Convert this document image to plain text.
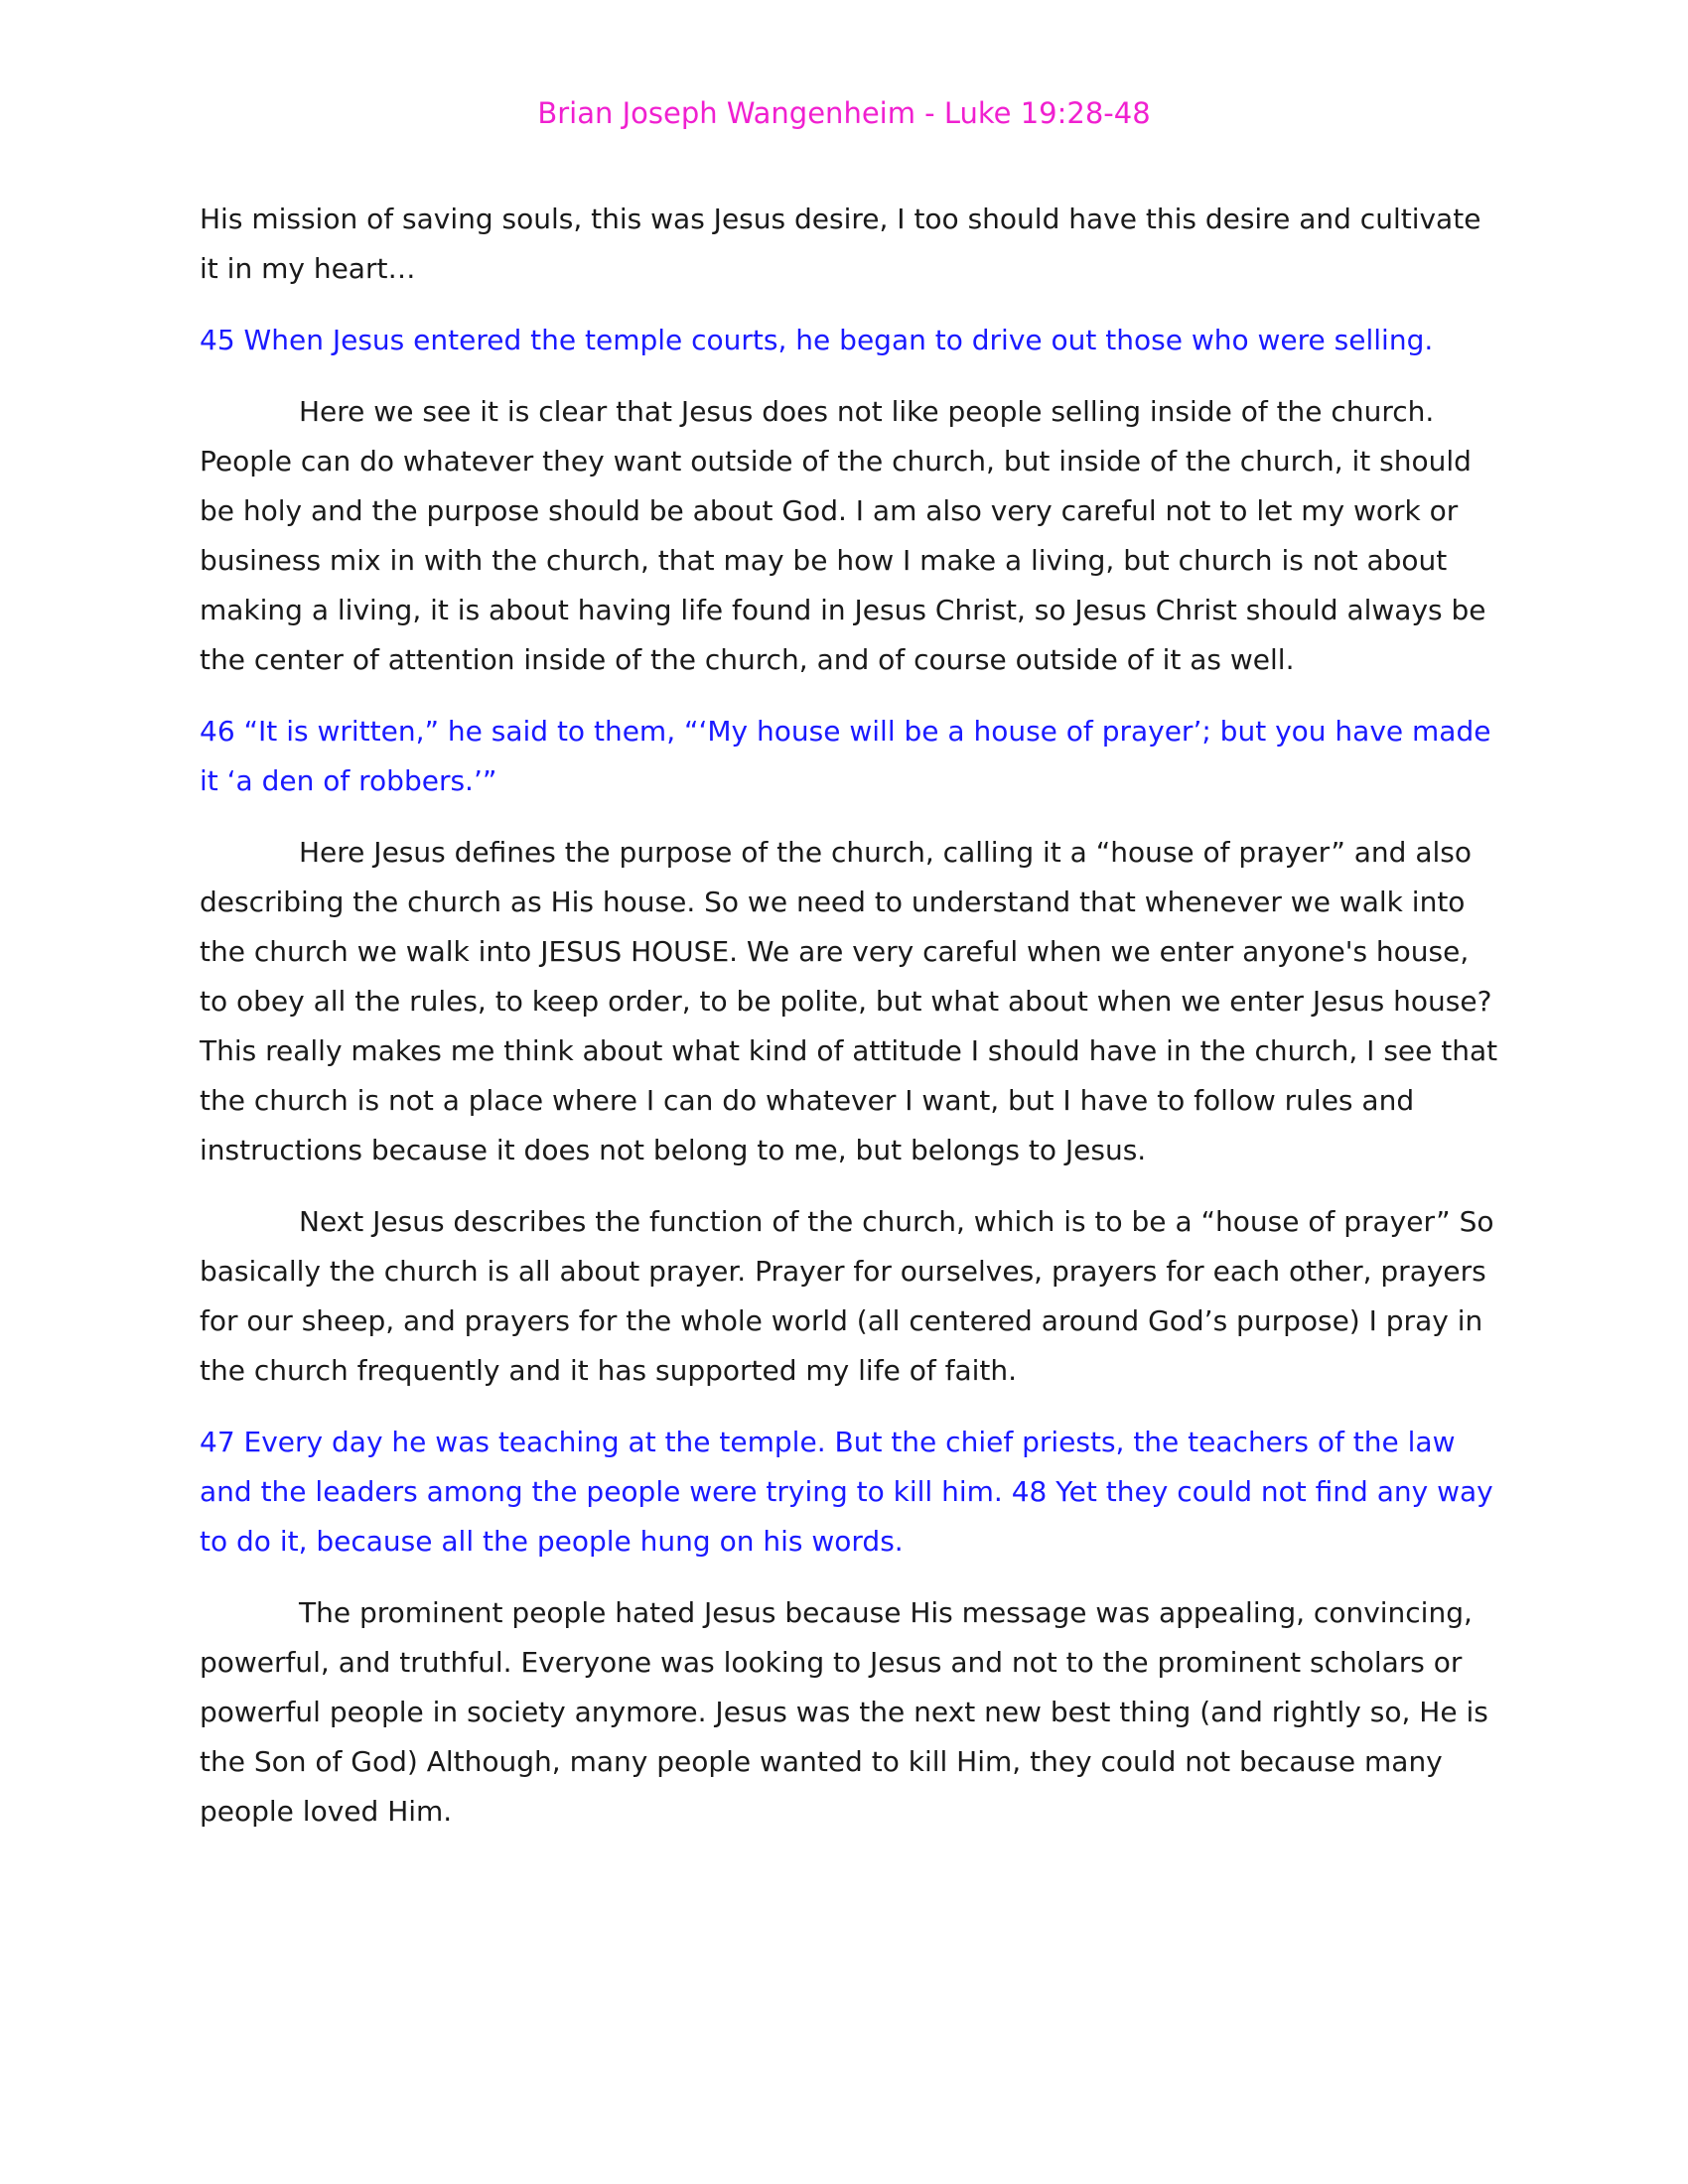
Brian Joseph Wangenheim - Luke 19:28-48

His mission of saving souls, this was Jesus desire, I too should have this desire and cultivate it in my heart…

45 When Jesus entered the temple courts, he began to drive out those who were selling.

Here we see it is clear that Jesus does not like people selling inside of the church. People can do whatever they want outside of the church, but inside of the church, it should be holy and the purpose should be about God. I am also very careful not to let my work or business mix in with the church, that may be how I make a living, but church is not about making a living, it is about having life found in Jesus Christ, so Jesus Christ should always be the center of attention inside of the church, and of course outside of it as well.

46 “It is written,” he said to them, “‘My house will be a house of prayer’; but you have made it ‘a den of robbers.’”

Here Jesus defines the purpose of the church, calling it a “house of prayer” and also describing the church as His house. So we need to understand that whenever we walk into the church we walk into JESUS HOUSE. We are very careful when we enter anyone's house, to obey all the rules, to keep order, to be polite, but what about when we enter Jesus house? This really makes me think about what kind of attitude I should have in the church, I see that the church is not a place where I can do whatever I want, but I have to follow rules and instructions because it does not belong to me, but belongs to Jesus.

Next Jesus describes the function of the church, which is to be a “house of prayer” So basically the church is all about prayer. Prayer for ourselves, prayers for each other, prayers for our sheep, and prayers for the whole world (all centered around God’s purpose) I pray in the church frequently and it has supported my life of faith.

47 Every day he was teaching at the temple. But the chief priests, the teachers of the law and the leaders among the people were trying to kill him. 48 Yet they could not find any way to do it, because all the people hung on his words.

The prominent people hated Jesus because His message was appealing, convincing, powerful, and truthful. Everyone was looking to Jesus and not to the prominent scholars or powerful people in society anymore. Jesus was the next new best thing (and rightly so, He is the Son of God) Although, many people wanted to kill Him, they could not because many people loved Him.
